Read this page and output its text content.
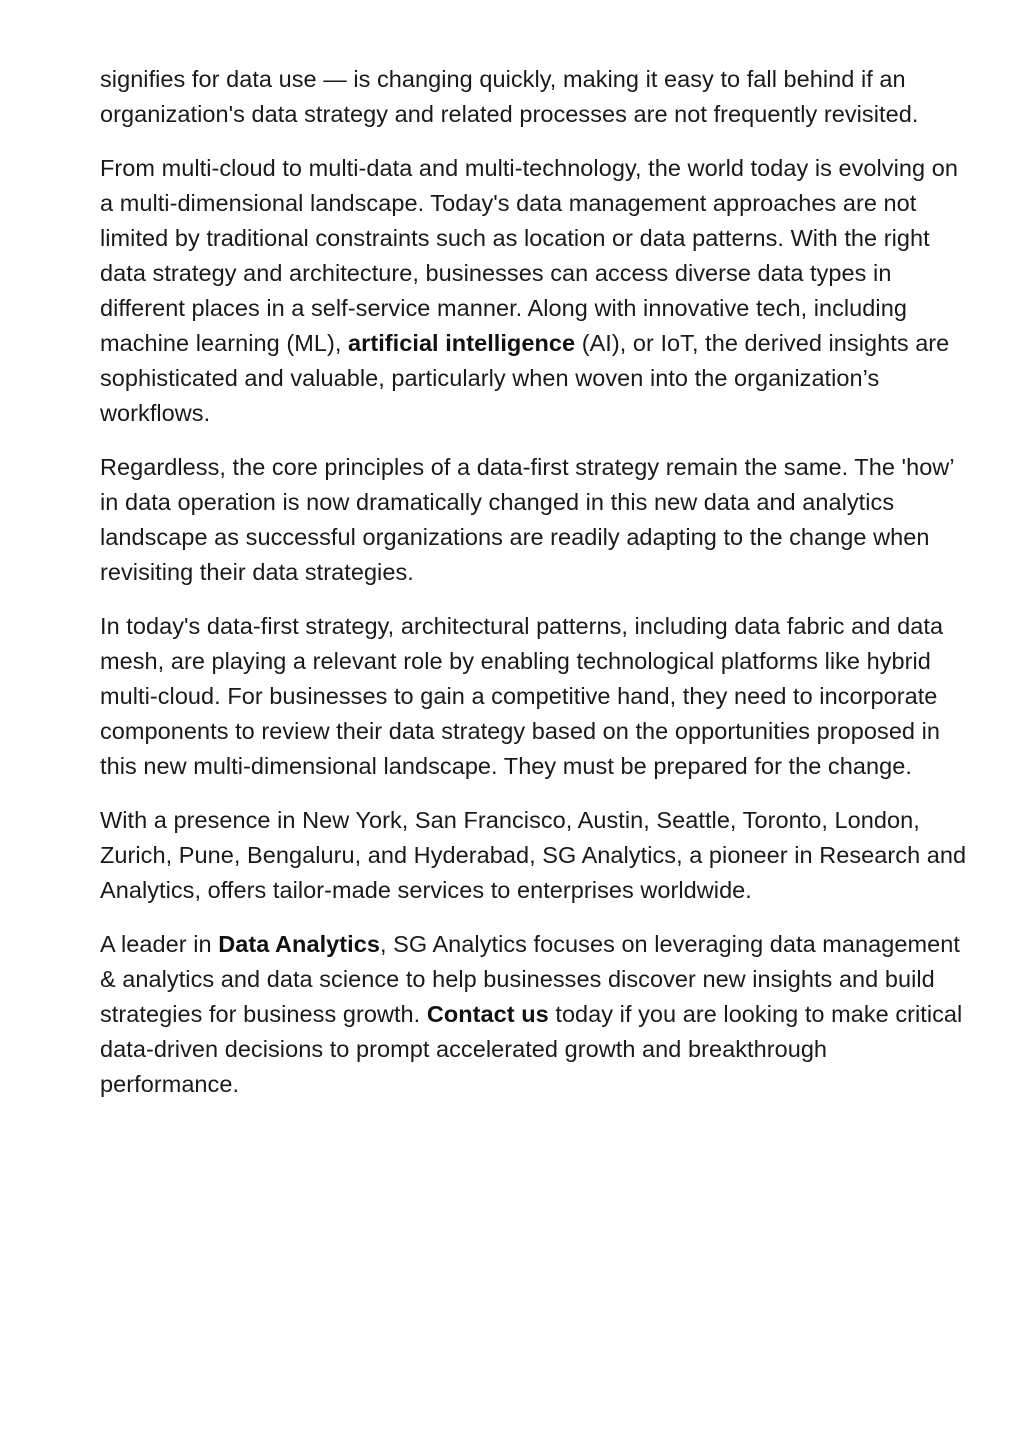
signifies for data use — is changing quickly, making it easy to fall behind if an organization's data strategy and related processes are not frequently revisited.

From multi-cloud to multi-data and multi-technology, the world today is evolving on a multi-dimensional landscape. Today's data management approaches are not limited by traditional constraints such as location or data patterns. With the right data strategy and architecture, businesses can access diverse data types in different places in a self-service manner. Along with innovative tech, including machine learning (ML), artificial intelligence (AI), or IoT, the derived insights are sophisticated and valuable, particularly when woven into the organization’s workflows.

Regardless, the core principles of a data-first strategy remain the same. The 'how’ in data operation is now dramatically changed in this new data and analytics landscape as successful organizations are readily adapting to the change when revisiting their data strategies.

In today's data-first strategy, architectural patterns, including data fabric and data mesh, are playing a relevant role by enabling technological platforms like hybrid multi-cloud. For businesses to gain a competitive hand, they need to incorporate components to review their data strategy based on the opportunities proposed in this new multi-dimensional landscape. They must be prepared for the change.

With a presence in New York, San Francisco, Austin, Seattle, Toronto, London, Zurich, Pune, Bengaluru, and Hyderabad, SG Analytics, a pioneer in Research and Analytics, offers tailor-made services to enterprises worldwide.

A leader in Data Analytics, SG Analytics focuses on leveraging data management & analytics and data science to help businesses discover new insights and build strategies for business growth. Contact us today if you are looking to make critical data-driven decisions to prompt accelerated growth and breakthrough performance.
